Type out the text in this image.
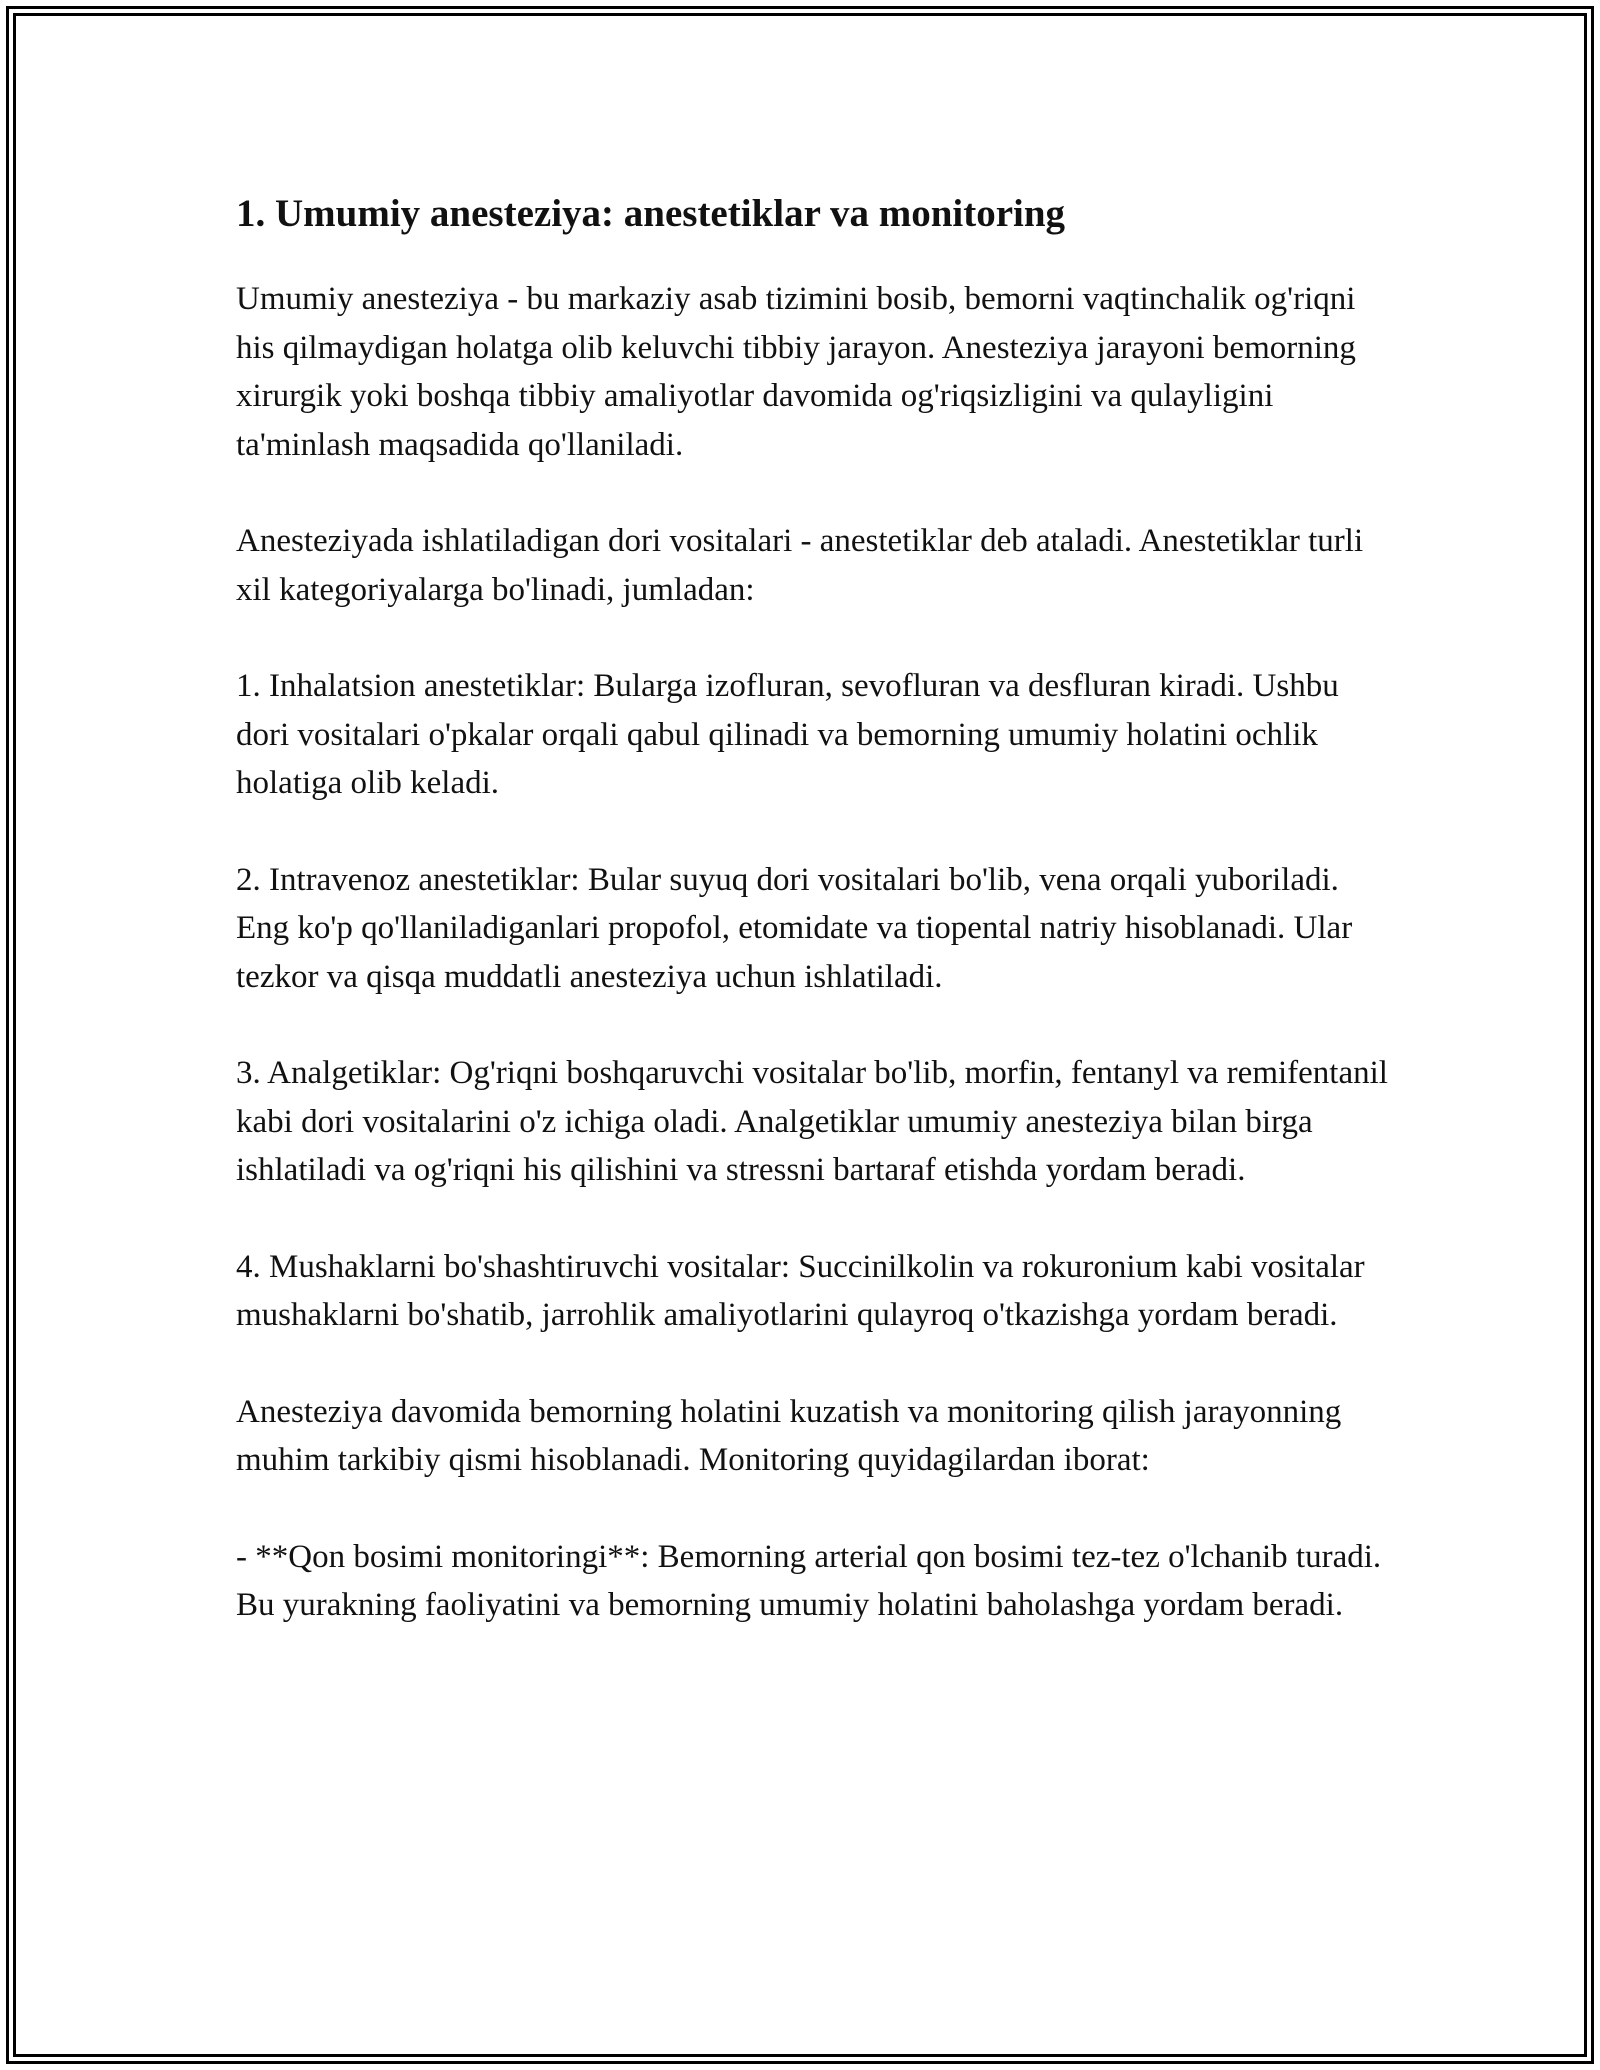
1. Umumiy anesteziya: anestetiklar va monitoring

Umumiy anesteziya - bu markaziy asab tizimini bosib, bemorni vaqtinchalik og'riqni his qilmaydigan holatga olib keluvchi tibbiy jarayon. Anesteziya jarayoni bemorning xirurgik yoki boshqa tibbiy amaliyotlar davomida og'riqsizligini va qulayligini ta'minlash maqsadida qo'llaniladi.

Anesteziyada ishlatiladigan dori vositalari - anestetiklar deb ataladi. Anestetiklar turli xil kategoriyalarga bo'linadi, jumladan:

1. Inhalatsion anestetiklar: Bularga izofluran, sevofluran va desfluran kiradi. Ushbu dori vositalari o'pkalar orqali qabul qilinadi va bemorning umumiy holatini ochlik holatiga olib keladi.

2. Intravenoz anestetiklar: Bular suyuq dori vositalari bo'lib, vena orqali yuboriladi. Eng ko'p qo'llaniladiganlari propofol, etomidate va tiopental natriy hisoblanadi. Ular tezkor va qisqa muddatli anesteziya uchun ishlatiladi.

3. Analgetiklar: Og'riqni boshqaruvchi vositalar bo'lib, morfin, fentanyl va remifentanil kabi dori vositalarini o'z ichiga oladi. Analgetiklar umumiy anesteziya bilan birga ishlatiladi va og'riqni his qilishini va stressni bartaraf etishda yordam beradi.

4. Mushaklarni bo'shashtiruvchi vositalar: Succinilkolin va rokuronium kabi vositalar mushaklarni bo'shatib, jarrohlik amaliyotlarini qulayroq o'tkazishga yordam beradi.

Anesteziya davomida bemorning holatini kuzatish va monitoring qilish jarayonning muhim tarkibiy qismi hisoblanadi. Monitoring quyidagilardan iborat:

- **Qon bosimi monitoringi**: Bemorning arterial qon bosimi tez-tez o'lchanib turadi. Bu yurakning faoliyatini va bemorning umumiy holatini baholashga yordam beradi.
